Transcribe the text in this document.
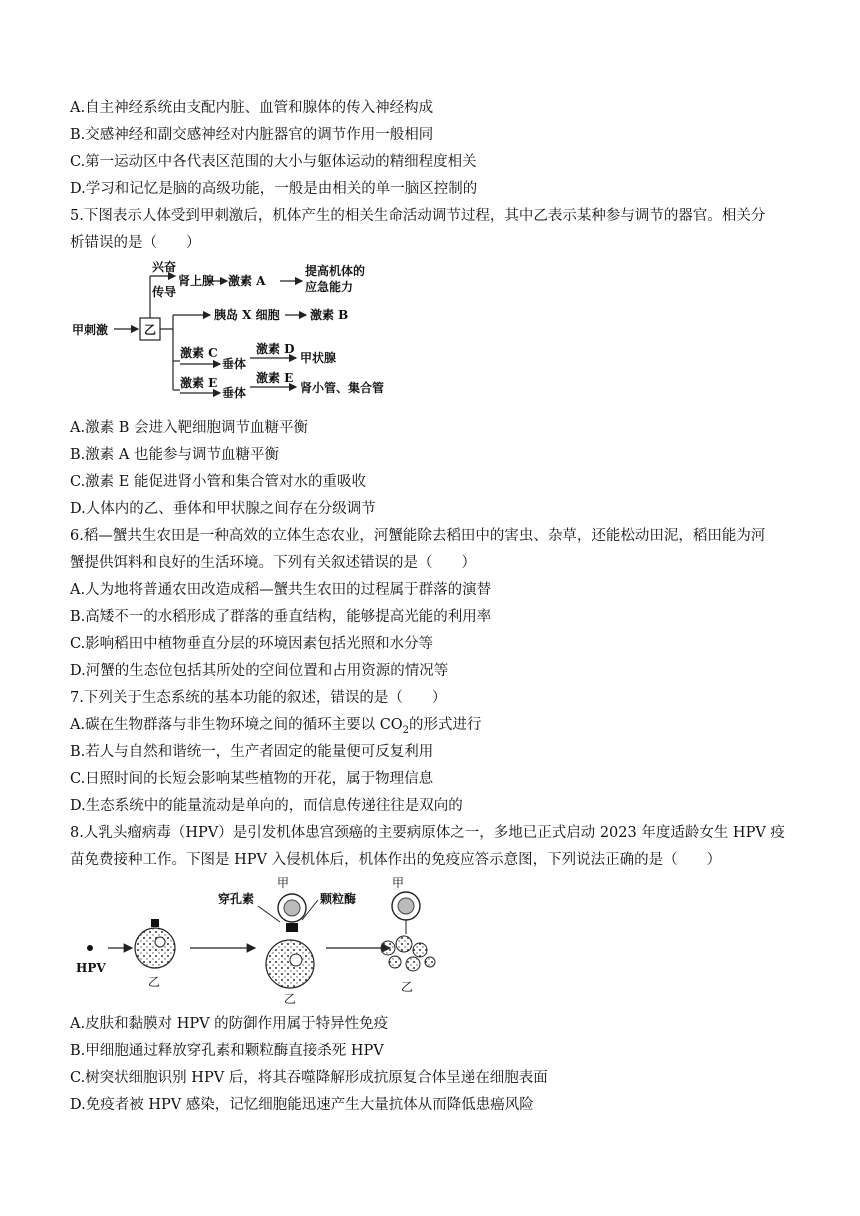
A.自主神经系统由支配内脏、血管和腺体的传入神经构成
B.交感神经和副交感神经对内脏器官的调节作用一般相同
C.第一运动区中各代表区范围的大小与躯体运动的精细程度相关
D.学习和记忆是脑的高级功能，一般是由相关的单一脑区控制的
5.下图表示人体受到甲刺激后，机体产生的相关生命活动调节过程，其中乙表示某种参与调节的器官。相关分
析错误的是（　　）
甲刺激	乙
兴奋
传导
肾上腺 激素 A
提高机体的
应急能力
胰岛 X 细胞	激素 B
激素 C
垂体
激素 D
甲状腺
激素 E
垂体
激素 E
肾小管、集合管
A.激素 B 会进入靶细胞调节血糖平衡
B.激素 A 也能参与调节血糖平衡
C.激素 E 能促进肾小管和集合管对水的重吸收
D.人体内的乙、垂体和甲状腺之间存在分级调节
6.稻—蟹共生农田是一种高效的立体生态农业，河蟹能除去稻田中的害虫、杂草，还能松动田泥，稻田能为河
蟹提供饵料和良好的生活环境。下列有关叙述错误的是（　　）
A.人为地将普通农田改造成稻—蟹共生农田的过程属于群落的演替
B.高矮不一的水稻形成了群落的垂直结构，能够提高光能的利用率
C.影响稻田中植物垂直分层的环境因素包括光照和水分等
D.河蟹的生态位包括其所处的空间位置和占用资源的情况等
7.下列关于生态系统的基本功能的叙述，错误的是（　　）
A.碳在生物群落与非生物环境之间的循环主要以 $CO_2$的形式进行
B.若人与自然和谐统一，生产者固定的能量便可反复利用
C.日照时间的长短会影响某些植物的开花，属于物理信息
D.生态系统中的能量流动是单向的，而信息传递往往是双向的
8.人乳头瘤病毒（HPV）是引发机体患宫颈癌的主要病原体之一，多地已正式启动 2023 年度适龄女生 HPV 疫
苗免费接种工作。下图是 HPV 入侵机体后，机体作出的免疫应答示意图，下列说法正确的是（　　）
HPV
乙
甲
穿孔素	颗粒酶
乙
甲
乙
A.皮肤和黏膜对 HPV 的防御作用属于特异性免疫
B.甲细胞通过释放穿孔素和颗粒酶直接杀死 HPV
C.树突状细胞识别 HPV 后，将其吞噬降解形成抗原复合体呈递在细胞表面
D.免疫者被 HPV 感染，记忆细胞能迅速产生大量抗体从而降低患癌风险
